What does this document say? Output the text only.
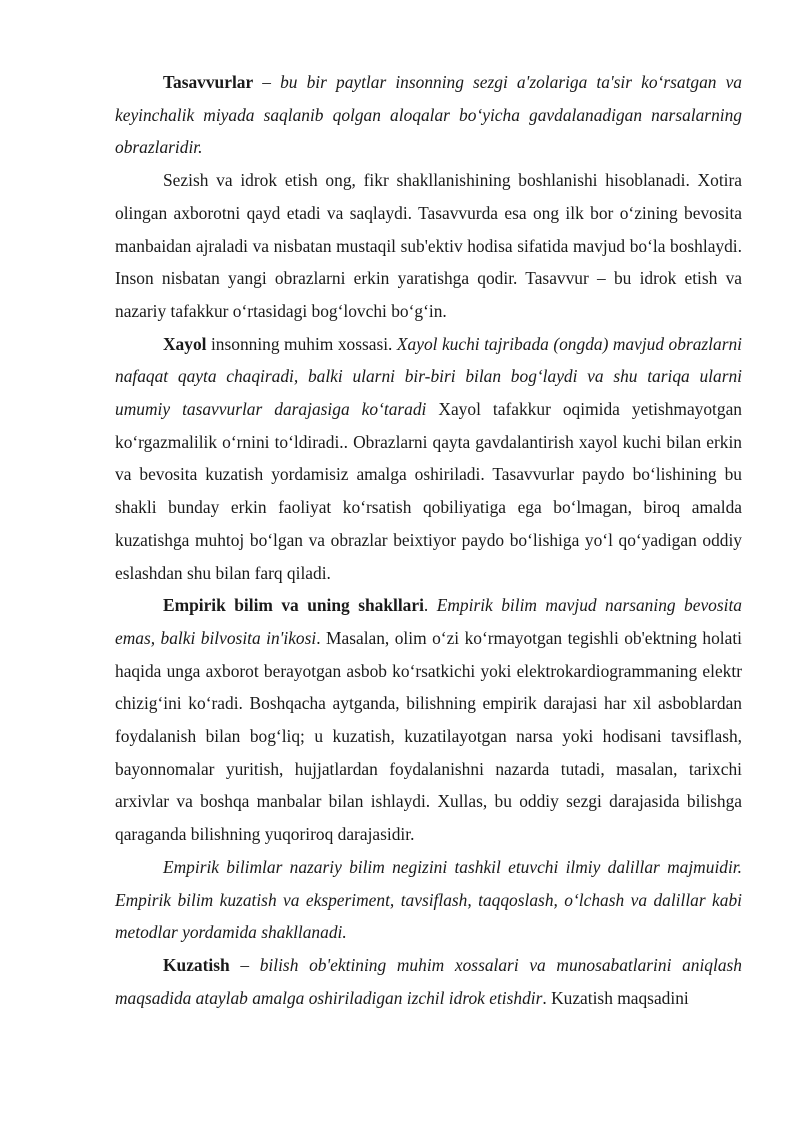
Tasavvurlar – bu bir paytlar insonning sezgi a'zolariga ta'sir ko‘rsatgan va keyinchalik miyada saqlanib qolgan aloqalar bo‘yicha gavdalanadigan narsalarning obrazlaridir.

Sezish va idrok etish ong, fikr shakllanishining boshlanishi hisoblanadi. Xotira olingan axborotni qayd etadi va saqlaydi. Tasavvurda esa ong ilk bor o‘zining bevosita manbaidan ajraladi va nisbatan mustaqil sub'ektiv hodisa sifatida mavjud bo‘la boshlaydi. Inson nisbatan yangi obrazlarni erkin yaratishga qodir. Tasavvur – bu idrok etish va nazariy tafakkur o‘rtasidagi bog‘lovchi bo‘g‘in.

Xayol insonning muhim xossasi. Xayol kuchi tajribada (ongda) mavjud obrazlarni nafaqat qayta chaqiradi, balki ularni bir-biri bilan bog‘laydi va shu tariqa ularni umumiy tasavvurlar darajasiga ko‘taradi Xayol tafakkur oqimida yetishmayotgan ko‘rgazmalilik o‘rnini to‘ldiradi.. Obrazlarni qayta gavdalantirish xayol kuchi bilan erkin va bevosita kuzatish yordamisiz amalga oshiriladi. Tasavvurlar paydo bo‘lishining bu shakli bunday erkin faoliyat ko‘rsatish qobiliyatiga ega bo‘lmagan, biroq amalda kuzatishga muhtoj bo‘lgan va obrazlar beixtiyor paydo bo‘lishiga yo‘l qo‘yadigan oddiy eslashdan shu bilan farq qiladi.

Empirik bilim va uning shakllari. Empirik bilim mavjud narsaning bevosita emas, balki bilvosita in'ikosi. Masalan, olim o‘zi ko‘rmayotgan tegishli ob'ektning holati haqida unga axborot berayotgan asbob ko‘rsatkichi yoki elektrokardiogrammaning elektr chizig‘ini ko‘radi. Boshqacha aytganda, bilishning empirik darajasi har xil asboblardan foydalanish bilan bog‘liq; u kuzatish, kuzatilayotgan narsa yoki hodisani tavsiflash, bayonnomalar yuritish, hujjatlardan foydalanishni nazarda tutadi, masalan, tarixchi arxivlar va boshqa manbalar bilan ishlaydi. Xullas, bu oddiy sezgi darajasida bilishga qaraganda bilishning yuqoriroq darajasidir.

Empirik bilimlar nazariy bilim negizini tashkil etuvchi ilmiy dalillar majmuidir. Empirik bilim kuzatish va eksperiment, tavsiflash, taqqoslash, o‘lchash va dalillar kabi metodlar yordamida shakllanadi.

Kuzatish – bilish ob'ektining muhim xossalari va munosabatlarini aniqlash maqsadida ataylab amalga oshiriladigan izchil idrok etishdir. Kuzatish maqsadini
